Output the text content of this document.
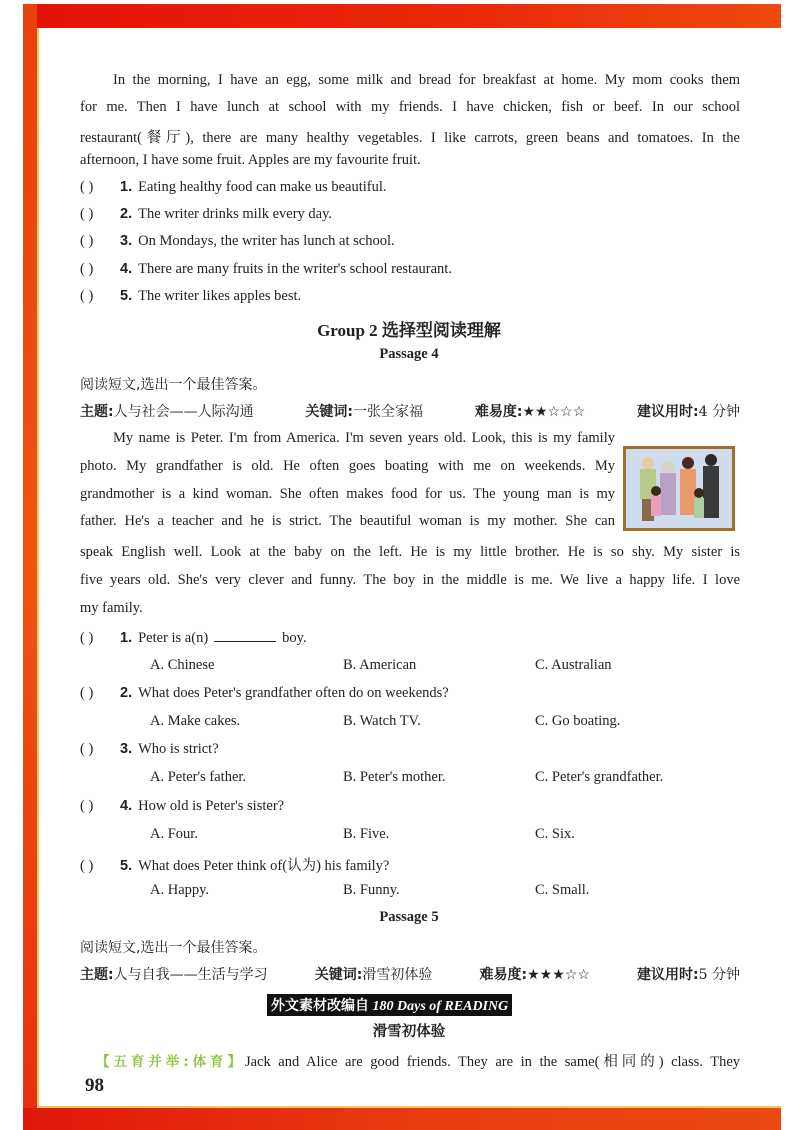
In the morning, I have an egg, some milk and bread for breakfast at home. My mom cooks them
for me. Then I have lunch at school with my friends. I have chicken, fish or beef. In our school
restaurant(餐厅), there are many healthy vegetables. I like carrots, green beans and tomatoes. In the
afternoon, I have some fruit. Apples are my favourite fruit.
( ) 1. Eating healthy food can make us beautiful.
( ) 2. The writer drinks milk every day.
( ) 3. On Mondays, the writer has lunch at school.
( ) 4. There are many fruits in the writer's school restaurant.
( ) 5. The writer likes apples best.
Group 2 选择型阅读理解
Passage 4
阅读短文,选出一个最佳答案。
主题:人与社会——人际沟通	关键词:一张全家福	难易度:★★☆☆☆	建议用时:4 分钟
My name is Peter. I'm from America. I'm seven years old. Look, this is my family
photo. My grandfather is old. He often goes boating with me on weekends. My
grandmother is a kind woman. She often makes food for us. The young man is my
father. He's a teacher and he is strict. The beautiful woman is my mother. She can
speak English well. Look at the baby on the left. He is my little brother. He is so shy. My sister is
five years old. She's very clever and funny. The boy in the middle is me. We live a happy life. I love
my family.
( ) 1. Peter is a(n)	boy.
A. Chinese	B. American	C. Australian
( ) 2. What does Peter's grandfather often do on weekends?
A. Make cakes.	B. Watch TV.	C. Go boating.
( ) 3. Who is strict?
A. Peter's father.	B. Peter's mother.	C. Peter's grandfather.
( ) 4. How old is Peter's sister?
A. Four.	B. Five.	C. Six.
( ) 5. What does Peter think of(认为) his family?
A. Happy.	B. Funny.	C. Small.
Passage 5
阅读短文,选出一个最佳答案。
主题:人与自我——生活与学习	关键词:滑雪初体验	难易度:★★★☆☆	建议用时:5 分钟
外文素材改编自 180 Days of READING
滑雪初体验
【五育并举:体育】Jack and Alice are good friends. They are in the same(相同的) class. They
98
